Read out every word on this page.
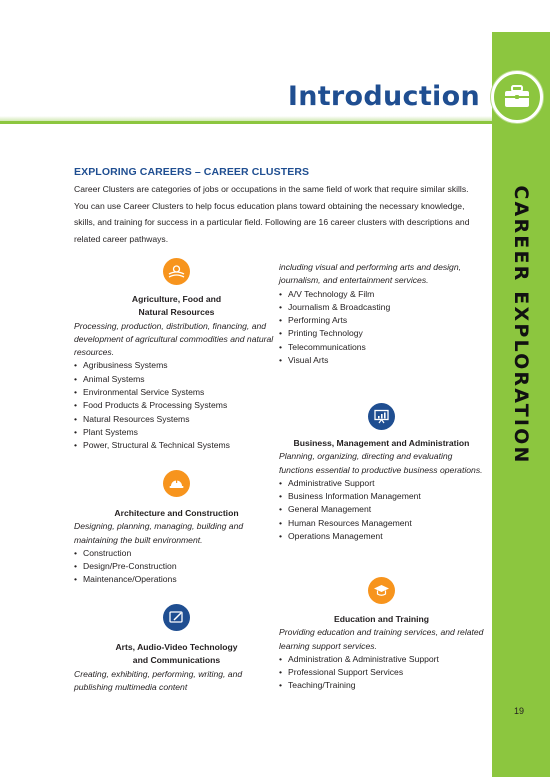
Introduction
CAREER EXPLORATION
EXPLORING CAREERS – CAREER CLUSTERS

Career Clusters are categories of jobs or occupations in the same field of work that require similar skills. You can use Career Clusters to help focus education plans toward obtaining the necessary knowledge, skills, and training for success in a particular field. Following are 16 career clusters with descriptions and related career pathways.

Agriculture, Food and
Natural Resources
Processing, production, distribution, financing, and development of agricultural commodities and natural resources.
• Agribusiness Systems
• Animal Systems
• Environmental Service Systems
• Food Products & Processing Systems
• Natural Resources Systems
• Plant Systems
• Power, Structural & Technical Systems
Architecture and Construction
Designing, planning, managing, building and maintaining the built environment.
• Construction
• Design/Pre-Construction
• Maintenance/Operations
Arts, Audio-Video Technology
and Communications
Creating, exhibiting, performing, writing, and publishing multimedia content
including visual and performing arts and design, journalism, and entertainment services.
• A/V Technology & Film
• Journalism & Broadcasting
• Performing Arts
• Printing Technology
• Telecommunications
• Visual Arts
Business, Management and Administration
Planning, organizing, directing and evaluating functions essential to productive business operations.
• Administrative Support
• Business Information Management
• General Management
• Human Resources Management
• Operations Management
Education and Training
Providing education and training services, and related learning support services.
• Administration & Administrative Support
• Professional Support Services
• Teaching/Training
19
